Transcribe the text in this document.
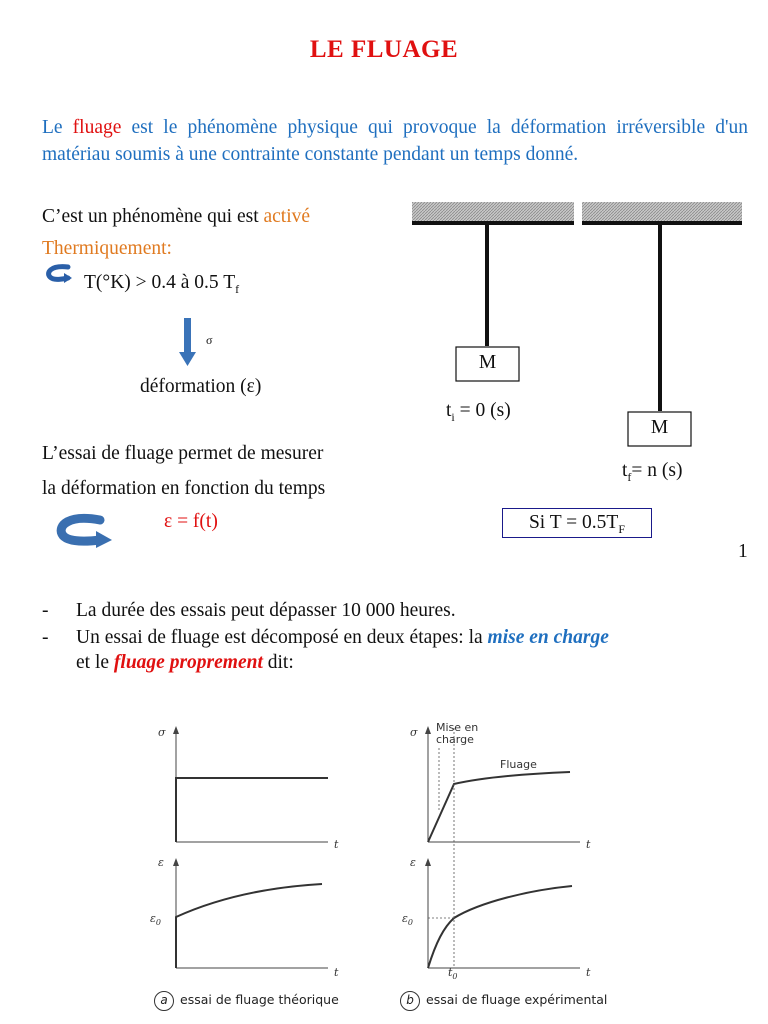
LE FLUAGE
Le fluage est le phénomène physique qui provoque la déformation irréversible d'un matériau soumis à une contrainte constante pendant un temps donné.
C’est un phénomène qui est activé
Thermiquement:
T(°K) > 0.4 à 0.5 $T_f$
σ
déformation (ε)
L’essai de fluage permet de mesurer
la déformation en fonction du temps
ε = f(t)
M
M
$t_i = 0$ (s)
$t_f= n$ (s)
Si $T = 0.5T_F$
1
- La durée des essais peut dépasser 10 000 heures.
- Un essai de fluage est décomposé en deux étapes: la mise en charge
et le fluage proprement dit:
σ
ε
σ
ε
t
t
t
t
$\varepsilon_0$	$\varepsilon_0$
$t_0$
Mise en
charge
Fluage
a essai de fluage théorique	b essai de fluage expérimental
